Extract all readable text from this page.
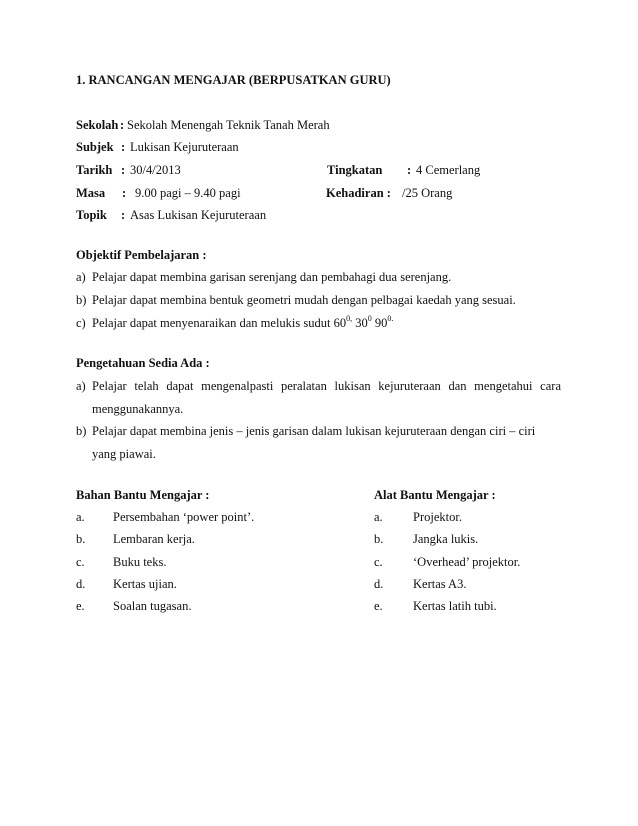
1. RANCANGAN MENGAJAR (BERPUSATKAN GURU)
Sekolah : Sekolah Menengah Teknik Tanah Merah
Subjek : Lukisan Kejuruteraan
Tarikh : 30/4/2013	Tingkatan : 4 Cemerlang
Masa : 9.00 pagi – 9.40 pagi	Kehadiran : /25 Orang
Topik : Asas Lukisan Kejuruteraan
Objektif Pembelajaran :
a) Pelajar dapat membina garisan serenjang dan pembahagi dua serenjang.
b) Pelajar dapat membina bentuk geometri mudah dengan pelbagai kaedah yang sesuai.
c) Pelajar dapat menyenaraikan dan melukis sudut $60^{0,}$ $30^0$ $90^{0.}$
Pengetahuan Sedia Ada :
a) Pelajar telah dapat mengenalpasti peralatan lukisan kejuruteraan dan mengetahui cara
menggunakannya.
b) Pelajar dapat membina jenis – jenis garisan dalam lukisan kejuruteraan dengan ciri – ciri
yang piawai.
Bahan Bantu Mengajar :
a. Persembahan ‘power point’.
b. Lembaran kerja.
c. Buku teks.
d. Kertas ujian.
e. Soalan tugasan.
Alat Bantu Mengajar :
a. Projektor.
b. Jangka lukis.
c. ‘Overhead’ projektor.
d. Kertas A3.
e. Kertas latih tubi.
